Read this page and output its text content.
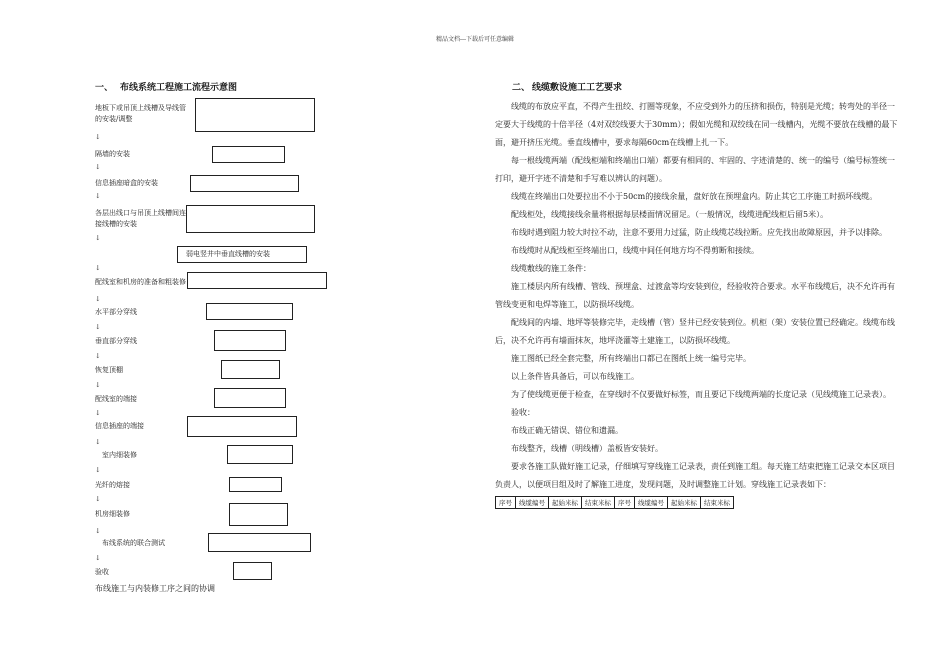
精品文档---下载后可任意编辑
一、 布线系统工程施工流程示意图
地板下或吊顶上线槽及导线管的安装/调整
↓
隔墙的安装
↓
信息插座暗盒的安装
↓
各层出线口与吊顶上线槽间连接线槽的安装
↓
弱电竖井中垂直线槽的安装
↓
配线室和机房的准备和粗装修
↓
水平部分穿线
↓
垂直部分穿线
↓
恢复顶棚
↓
配线室的端接
↓
信息插座的端接
↓
室内细装修
↓
光纤的熔接
↓
机房细装修
↓
布线系统的联合测试
↓
验收
布线施工与内装修工序之间的协调
二、 线缆敷设施工工艺要求

线缆的布放应平直，不得产生扭绞、打圈等现象，不应受到外力的压挤和损伤，特别是光缆；转弯处的半径一定要大于线缆的十倍半径（4对双绞线要大于30mm）；假如光缆和双绞线在同一线槽内，光缆不要放在线槽的最下面，避开挤压光缆。垂直线槽中，要求每隔60cm在线槽上扎一下。

每一根线缆两端（配线柜端和终端出口端）都要有相同的、牢固的、字迹清楚的、统一的编号（编号标签统一打印，避开字迹不清楚和手写难以辨认的问题）。

线缆在终端出口处要拉出不小于50cm的接线余量，盘好放在预埋盒内。防止其它工序施工时损坏线缆。

配线柜处，线缆接线余量将根据每层楼面情况留足。（一般情况，线缆进配线柜后留5米）。

布线时遇到阻力较大时拉不动，注意不要用力过猛，防止线缆芯线拉断。应先找出故障原因，并予以排除。

布线缆时从配线柜至终端出口，线缆中间任何地方均不得剪断和接续。

线缆敷线的施工条件：

施工楼层内所有线槽、管线、预埋盒、过渡盒等均安装到位，经验收符合要求。水平布线缆后，决不允许再有管线变更和电焊等施工，以防损坏线缆。

配线间的内墙、地坪等装修完毕，走线槽（管）竖井已经安装到位。机柜（架）安装位置已经确定。线缆布线后，决不允许再有墙面抹灰，地坪浇灌等土建施工，以防损坏线缆。

施工图纸已经全套完整，所有终端出口都已在图纸上统一编号完毕。

以上条件皆具备后，可以布线施工。

为了使线缆更便于检查，在穿线时不仅要做好标签，而且要记下线缆两端的长度记录（见线缆施工记录表）。

验收：

布线正确无错误、错位和遗漏。

布线整齐，线槽（明线槽）盖板皆安装好。

要求各施工队做好施工记录，仔细填写穿线施工记录表，责任到施工组。每天施工结束把施工记录交本区项目负责人，以便项目组及时了解施工进度，发现问题，及时调整施工计划。穿线施工记录表如下：

序号	线缆编号	起始米标	结束米标	序号	线缆编号	起始米标	结束米标
